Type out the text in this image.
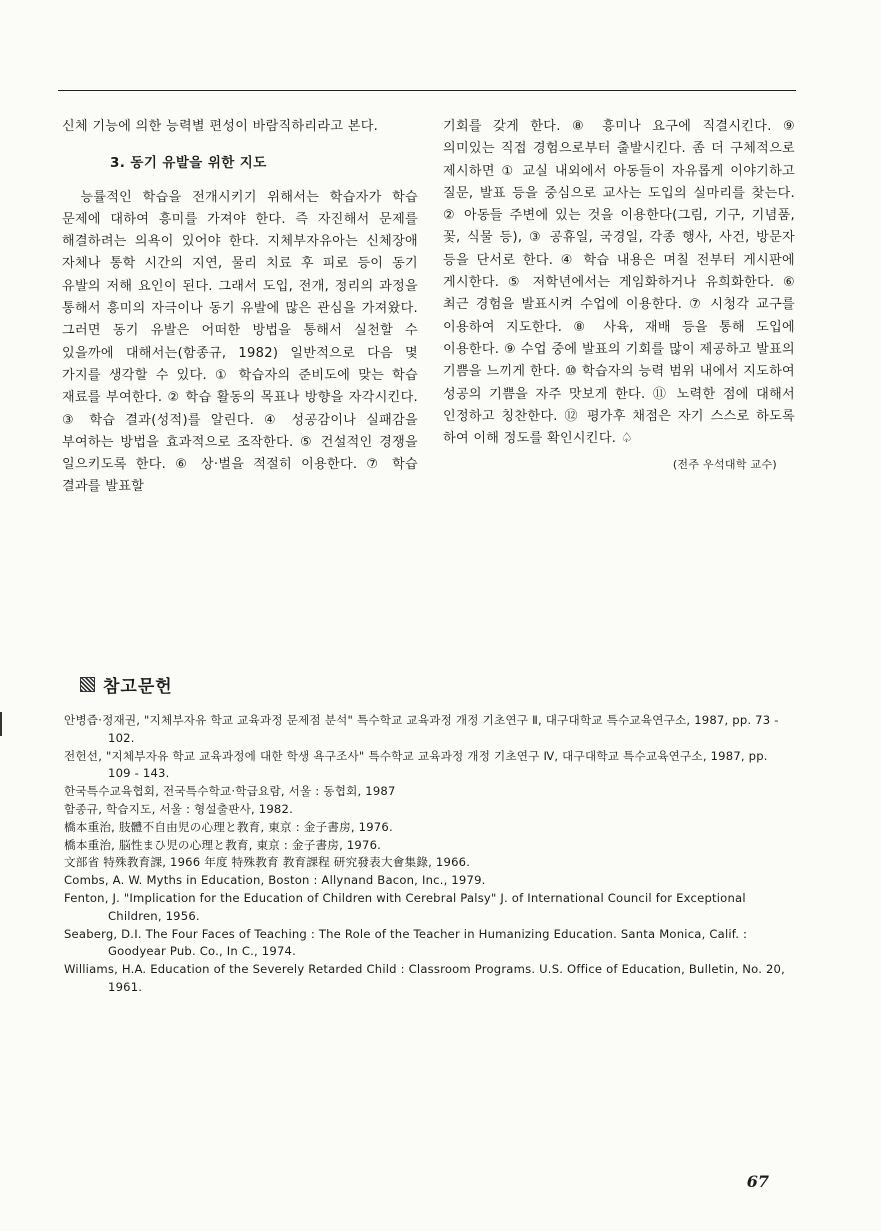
신체 기능에 의한 능력별 편성이 바람직하리라고 본다.

3. 동기 유발을 위한 지도

능률적인 학습을 전개시키기 위해서는 학습자가 학습 문제에 대하여 흥미를 가져야 한다. 즉 자진해서 문제를 해결하려는 의욕이 있어야 한다. 지체부자유아는 신체장애 자체나 통학 시간의 지연, 물리 치료 후 피로 등이 동기 유발의 저해 요인이 된다. 그래서 도입, 전개, 정리의 과정을 통해서 흥미의 자극이나 동기 유발에 많은 관심을 가져왔다. 그러면 동기 유발은 어떠한 방법을 통해서 실천할 수 있을까에 대해서는(함종규, 1982) 일반적으로 다음 몇 가지를 생각할 수 있다. ① 학습자의 준비도에 맞는 학습 재료를 부여한다. ② 학습 활동의 목표나 방향을 자각시킨다. ③ 학습 결과(성적)를 알린다. ④ 성공감이나 실패감을 부여하는 방법을 효과적으로 조작한다. ⑤ 건설적인 경쟁을 일으키도록 한다. ⑥ 상·벌을 적절히 이용한다. ⑦ 학습 결과를 발표할

기회를 갖게 한다. ⑧ 흥미나 요구에 직결시킨다. ⑨ 의미있는 직접 경험으로부터 출발시킨다. 좀 더 구체적으로 제시하면 ① 교실 내외에서 아동들이 자유롭게 이야기하고 질문, 발표 등을 중심으로 교사는 도입의 실마리를 찾는다. ② 아동들 주변에 있는 것을 이용한다(그림, 기구, 기념품, 꽃, 식물 등), ③ 공휴일, 국경일, 각종 행사, 사건, 방문자 등을 단서로 한다. ④ 학습 내용은 며칠 전부터 게시판에 게시한다. ⑤ 저학년에서는 게임화하거나 유희화한다. ⑥ 최근 경험을 발표시켜 수업에 이용한다. ⑦ 시청각 교구를 이용하여 지도한다. ⑧ 사육, 재배 등을 통해 도입에 이용한다. ⑨ 수업 중에 발표의 기회를 많이 제공하고 발표의 기쁨을 느끼게 한다. ⑩ 학습자의 능력 범위 내에서 지도하여 성공의 기쁨을 자주 맛보게 한다. ⑪ 노력한 점에 대해서 인정하고 칭찬한다. ⑫ 평가후 채점은 자기 스스로 하도록 하여 이해 정도를 확인시킨다. ♤

(전주 우석대학 교수)
참고문헌
안병즙·정재권, "지체부자유 학교 교육과정 문제점 분석" 특수학교 교육과정 개정 기초연구 Ⅱ, 대구대학교 특수교육연구소, 1987, pp. 73 - 102.
전헌선, "지체부자유 학교 교육과정에 대한 학생 욕구조사" 특수학교 교육과정 개정 기초연구 Ⅳ, 대구대학교 특수교육연구소, 1987, pp. 109 - 143.
한국특수교육협회, 전국특수학교·학급요람, 서울 : 동협회, 1987
함종규, 학습지도, 서울 : 형설출판사, 1982.
橋本重治, 肢體不自由児の心理と教育, 東京 : 金子書房, 1976.
橋本重治, 脳性まひ児の心理と教育, 東京 : 金子書房, 1976.
文部省 特殊教育課, 1966 年度 特殊教育 教育課程 研究發表大會集錄, 1966.
Combs, A. W. Myths in Education, Boston : Allynand Bacon, Inc., 1979.
Fenton, J. "Implication for the Education of Children with Cerebral Palsy" J. of International Council for Exceptional Children, 1956.
Seaberg, D.I. The Four Faces of Teaching : The Role of the Teacher in Humanizing Education. Santa Monica, Calif. : Goodyear Pub. Co., In C., 1974.
Williams, H.A. Education of the Severely Retarded Child : Classroom Programs. U.S. Office of Education, Bulletin, No. 20, 1961.
67
